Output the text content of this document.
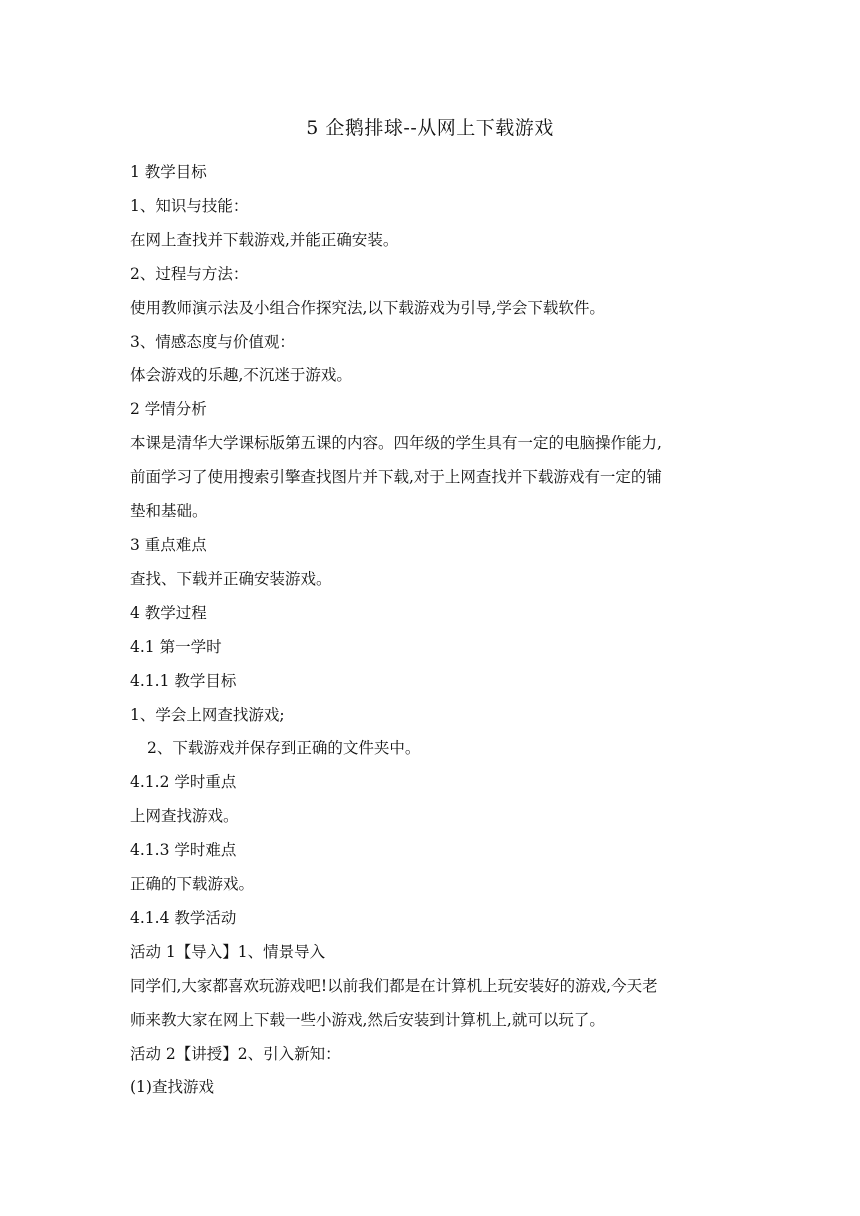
5 企鹅排球--从网上下载游戏

1 教学目标

1、知识与技能：

在网上查找并下载游戏,并能正确安装。

2、过程与方法：

使用教师演示法及小组合作探究法,以下载游戏为引导,学会下载软件。

3、情感态度与价值观：

体会游戏的乐趣,不沉迷于游戏。

2 学情分析

本课是清华大学课标版第五课的内容。四年级的学生具有一定的电脑操作能力,

前面学习了使用搜索引擎查找图片并下载,对于上网查找并下载游戏有一定的铺

垫和基础。

3 重点难点

查找、下载并正确安装游戏。

4 教学过程

4.1 第一学时

4.1.1 教学目标

1、学会上网查找游戏;

2、下载游戏并保存到正确的文件夹中。

4.1.2 学时重点

上网查找游戏。

4.1.3 学时难点

正确的下载游戏。

4.1.4 教学活动

活动 1【导入】1、情景导入

同学们,大家都喜欢玩游戏吧!以前我们都是在计算机上玩安装好的游戏,今天老

师来教大家在网上下载一些小游戏,然后安装到计算机上,就可以玩了。

活动 2【讲授】2、引入新知：

(1)查找游戏
